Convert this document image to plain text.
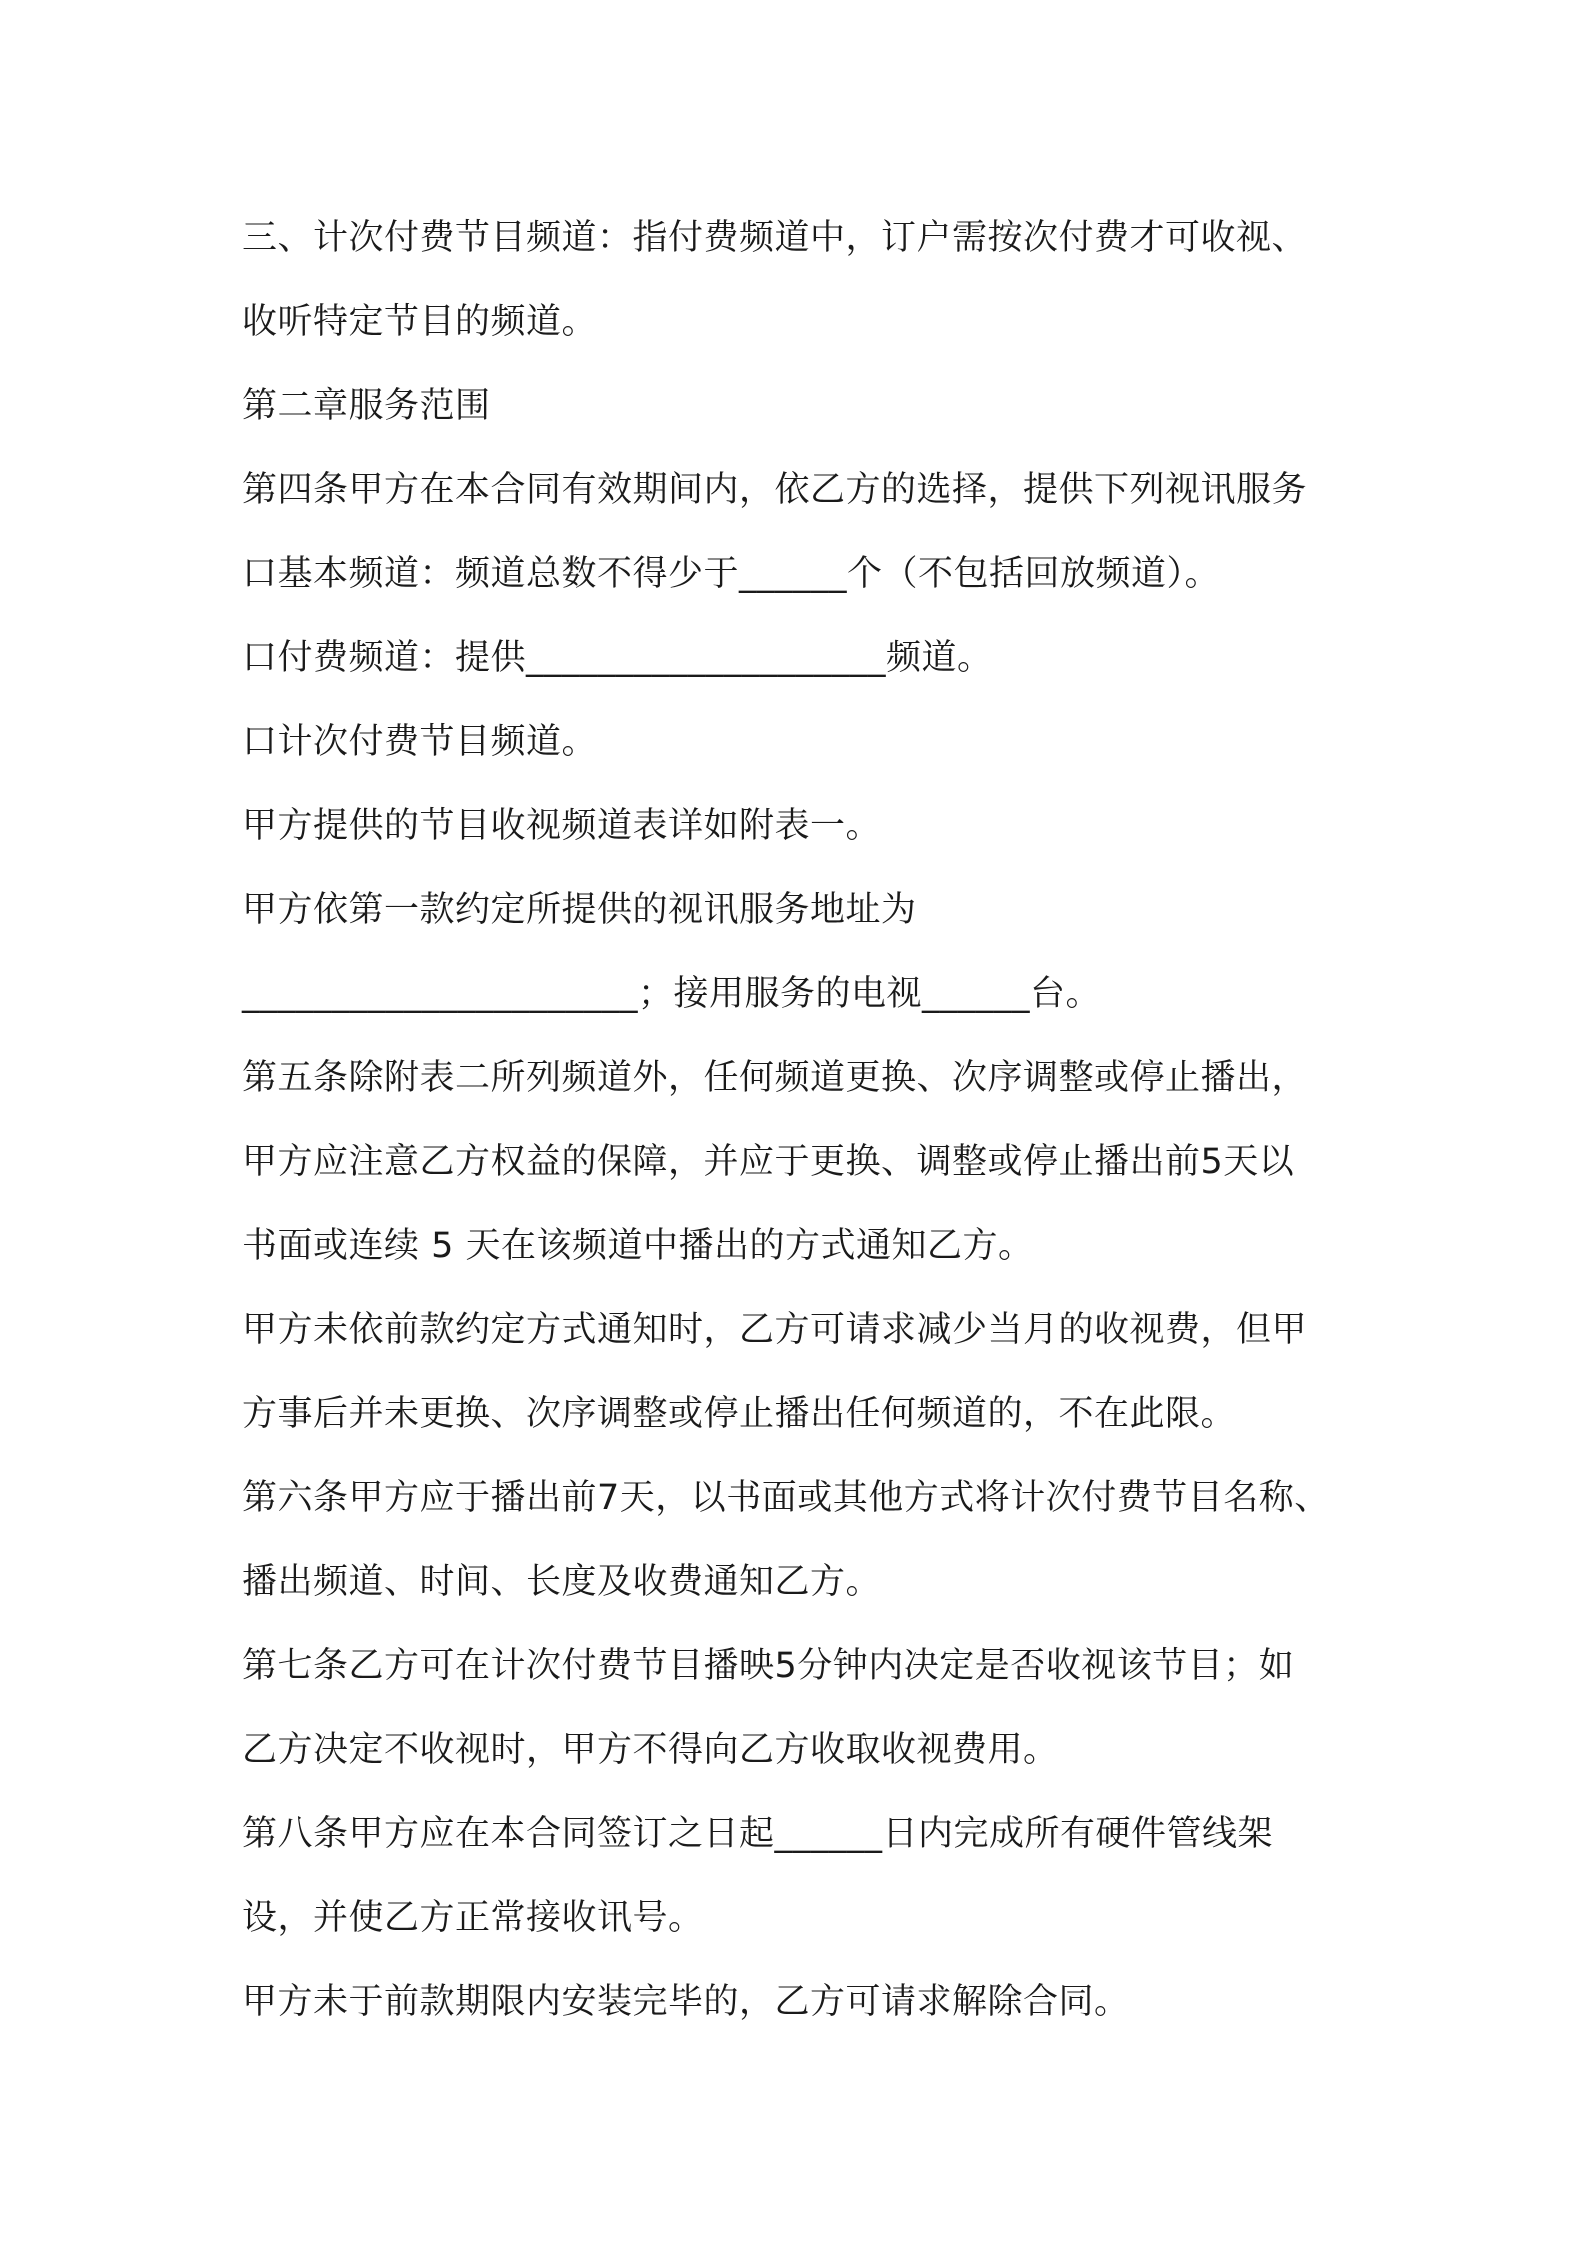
三、计次付费节目频道：指付费频道中，订户需按次付费才可收视、
收听特定节目的频道。
第二章服务范围
第四条甲方在本合同有效期间内，依乙方的选择，提供下列视讯服务
口基本频道：频道总数不得少于______个（不包括回放频道）。
口付费频道：提供____________________频道。
口计次付费节目频道。
甲方提供的节目收视频道表详如附表一。
甲方依第一款约定所提供的视讯服务地址为
______________________；接用服务的电视______台。
第五条除附表二所列频道外，任何频道更换、次序调整或停止播出，
甲方应注意乙方权益的保障，并应于更换、调整或停止播出前5天以
书面或连续 5 天在该频道中播出的方式通知乙方。
甲方未依前款约定方式通知时，乙方可请求减少当月的收视费，但甲
方事后并未更换、次序调整或停止播出任何频道的，不在此限。
第六条甲方应于播出前7天，以书面或其他方式将计次付费节目名称、
播出频道、时间、长度及收费通知乙方。
第七条乙方可在计次付费节目播映5分钟内决定是否收视该节目；如
乙方决定不收视时，甲方不得向乙方收取收视费用。
第八条甲方应在本合同签订之日起______日内完成所有硬件管线架
设，并使乙方正常接收讯号。
甲方未于前款期限内安装完毕的，乙方可请求解除合同。
